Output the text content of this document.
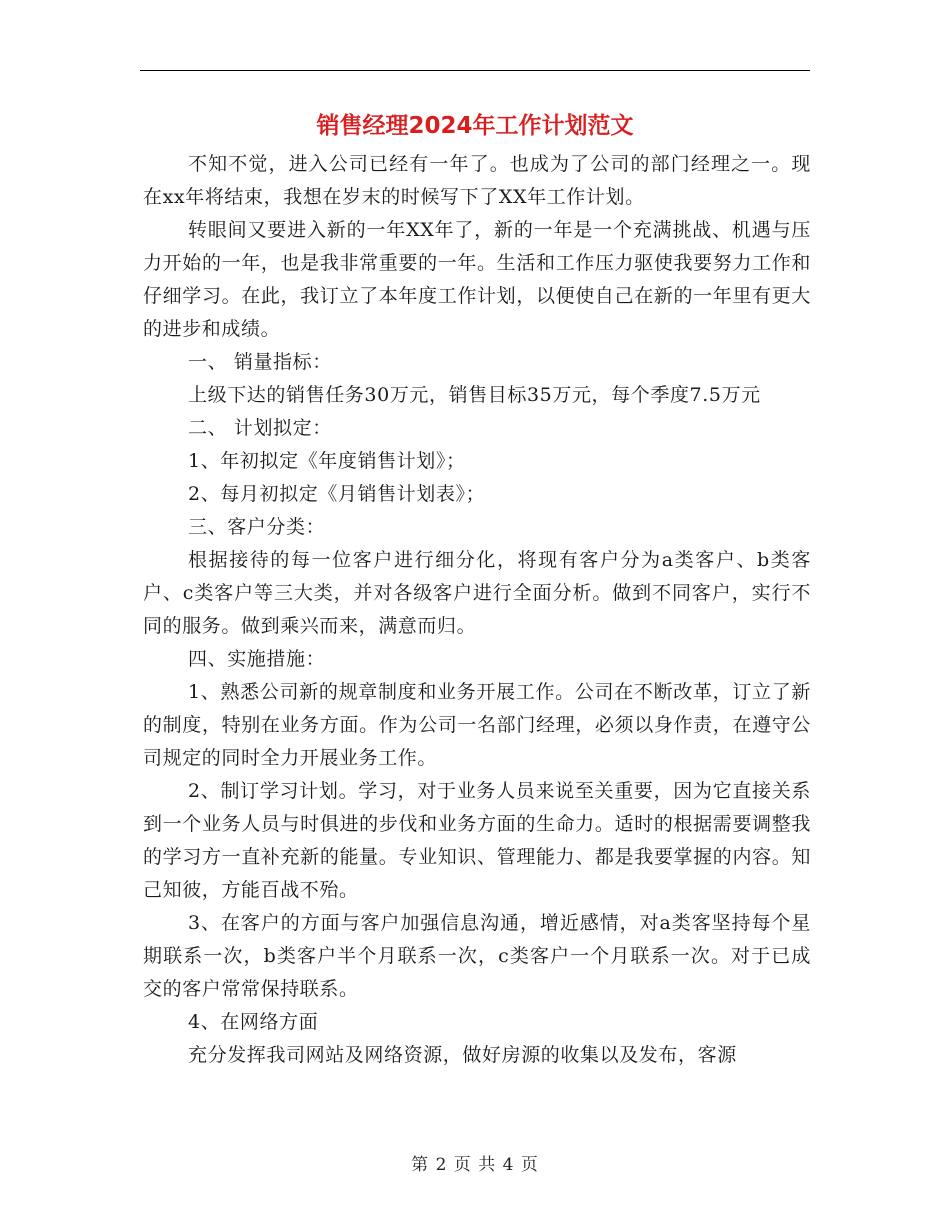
销售经理2024年工作计划范文

不知不觉，进入公司已经有一年了。也成为了公司的部门经理之一。现在xx年将结束，我想在岁末的时候写下了XX年工作计划。

转眼间又要进入新的一年XX年了，新的一年是一个充满挑战、机遇与压力开始的一年，也是我非常重要的一年。生活和工作压力驱使我要努力工作和仔细学习。在此，我订立了本年度工作计划，以便使自己在新的一年里有更大的进步和成绩。

一、 销量指标：

上级下达的销售任务30万元，销售目标35万元，每个季度7.5万元

二、 计划拟定：

1、年初拟定《年度销售计划》；

2、每月初拟定《月销售计划表》；

三、客户分类：

根据接待的每一位客户进行细分化，将现有客户分为a类客户、b类客户、c类客户等三大类，并对各级客户进行全面分析。做到不同客户，实行不同的服务。做到乘兴而来，满意而归。

四、实施措施：

1、熟悉公司新的规章制度和业务开展工作。公司在不断改革，订立了新的制度，特别在业务方面。作为公司一名部门经理，必须以身作责，在遵守公司规定的同时全力开展业务工作。

2、制订学习计划。学习，对于业务人员来说至关重要，因为它直接关系到一个业务人员与时俱进的步伐和业务方面的生命力。适时的根据需要调整我的学习方一直补充新的能量。专业知识、管理能力、都是我要掌握的内容。知己知彼，方能百战不殆。

3、在客户的方面与客户加强信息沟通，增近感情，对a类客坚持每个星期联系一次，b类客户半个月联系一次，c类客户一个月联系一次。对于已成交的客户常常保持联系。

4、在网络方面

充分发挥我司网站及网络资源，做好房源的收集以及发布，客源

第 2 页 共 4 页
